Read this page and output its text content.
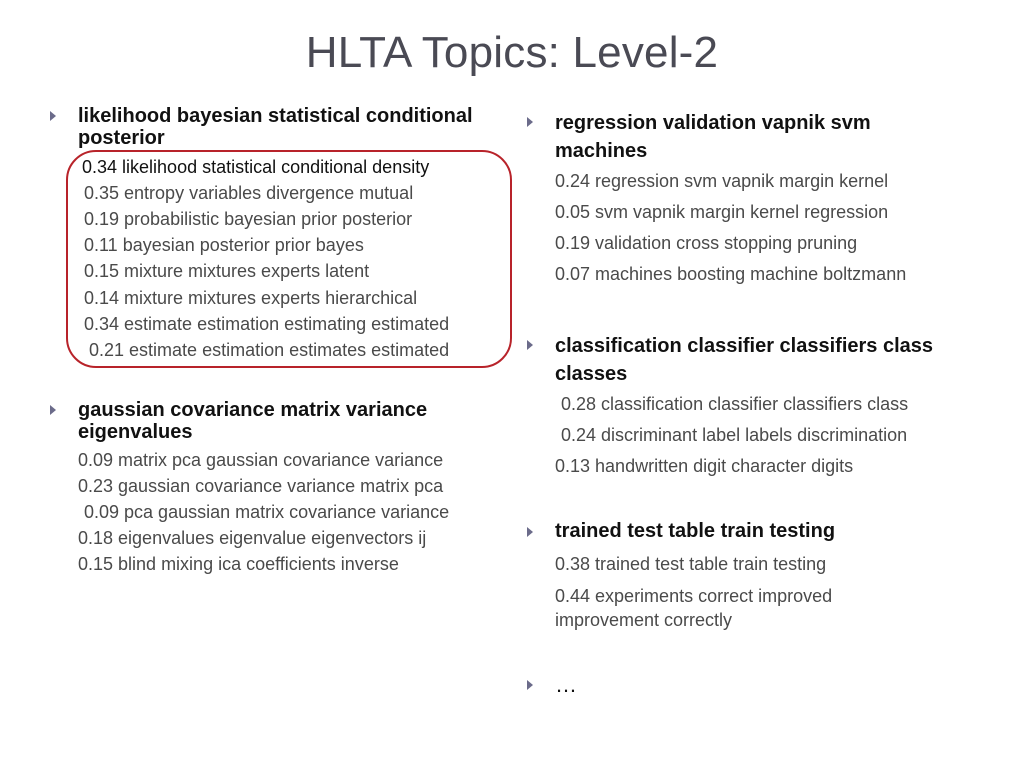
HLTA Topics: Level-2
likelihood bayesian statistical conditional posterior
0.34 likelihood statistical conditional density
0.35 entropy variables divergence mutual
0.19 probabilistic bayesian prior posterior
0.11 bayesian posterior prior bayes
0.15 mixture mixtures experts latent
0.14 mixture mixtures experts hierarchical
0.34 estimate estimation estimating estimated
0.21 estimate estimation estimates estimated
gaussian covariance matrix variance eigenvalues
0.09 matrix pca gaussian covariance variance
0.23 gaussian covariance variance matrix pca
0.09 pca gaussian matrix covariance variance
0.18 eigenvalues eigenvalue eigenvectors ij
0.15 blind mixing ica coefficients inverse
regression validation vapnik svm machines
0.24 regression svm vapnik margin kernel
0.05 svm vapnik margin kernel regression
0.19 validation cross stopping pruning
0.07 machines boosting machine boltzmann
classification classifier classifiers class classes
0.28 classification classifier classifiers class
0.24 discriminant label labels discrimination
0.13 handwritten digit character digits
trained test table train testing
0.38 trained test table train testing
0.44 experiments correct improved improvement correctly
…
